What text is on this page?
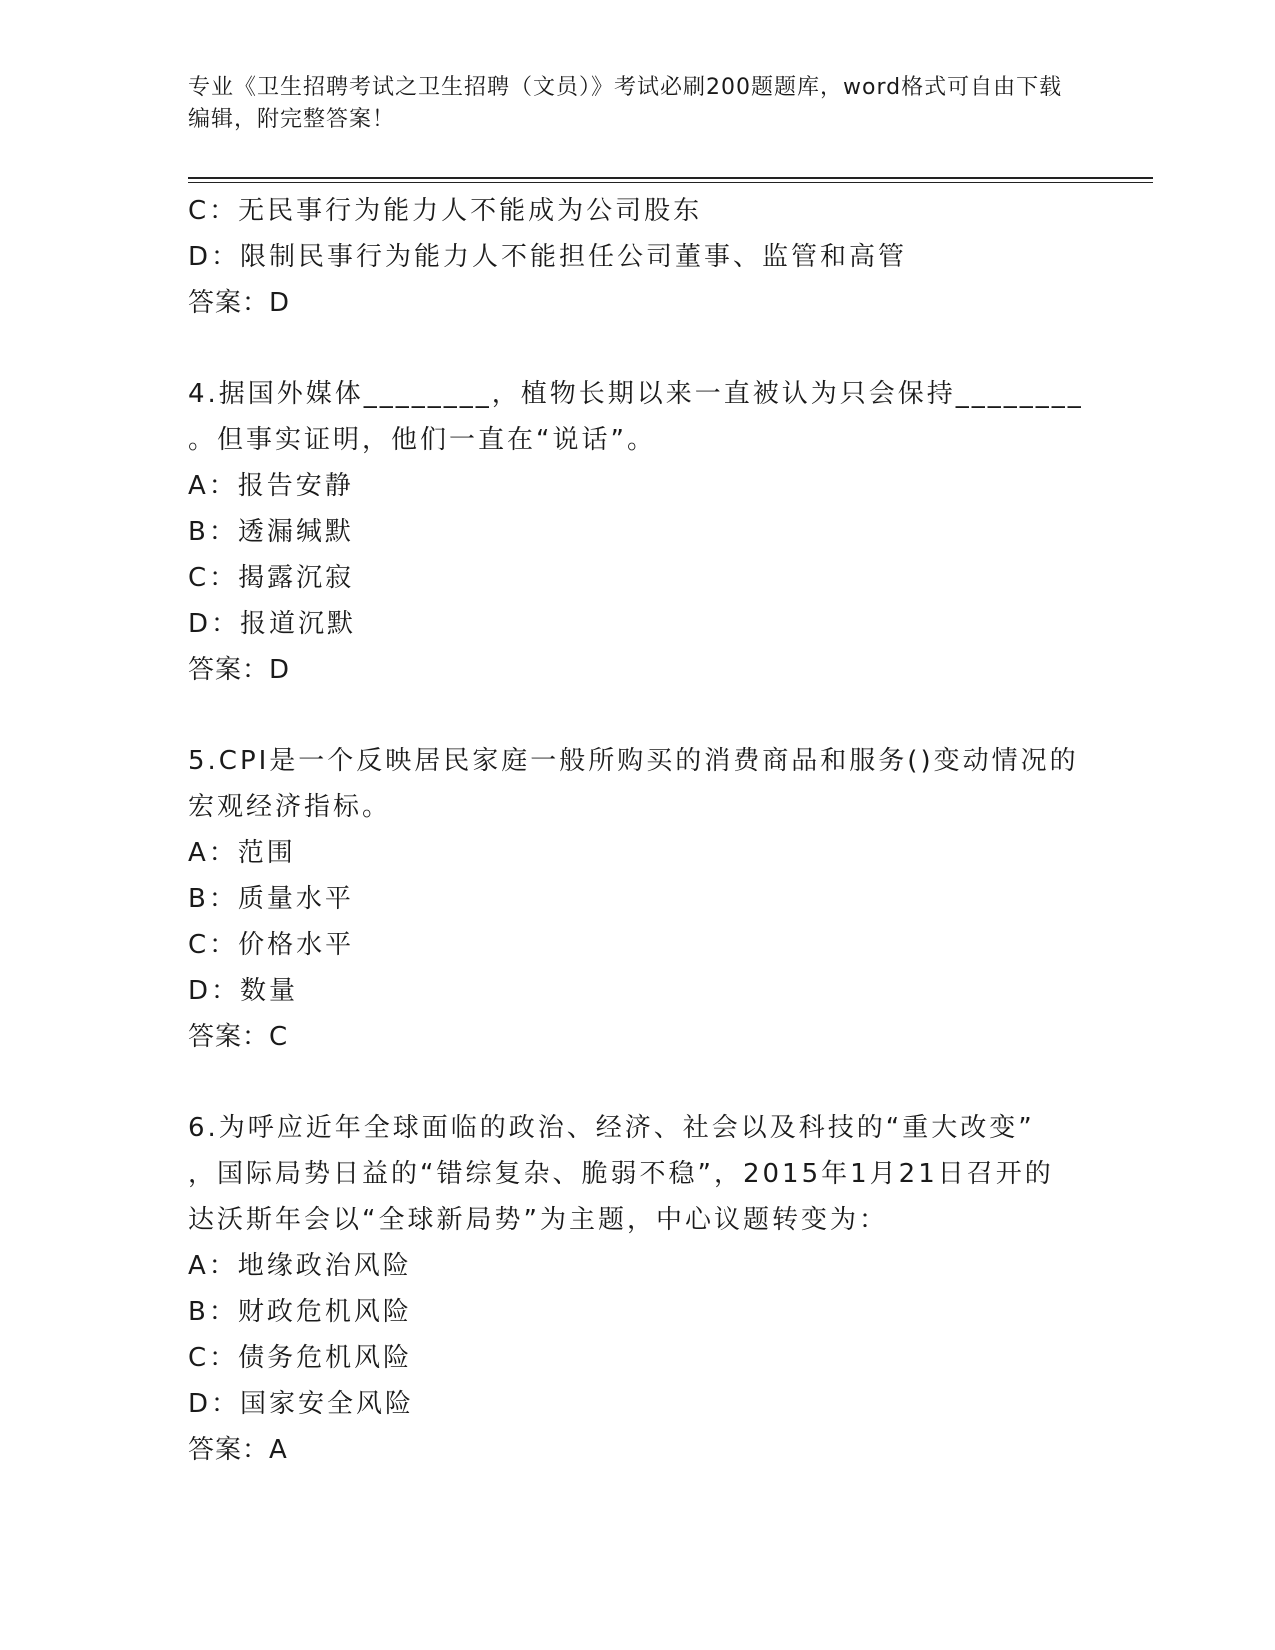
专业《卫生招聘考试之卫生招聘（文员）》考试必刷200题题库，word格式可自由下载编辑，附完整答案！
C：无民事行为能力人不能成为公司股东
D：限制民事行为能力人不能担任公司董事、监管和高管
答案：D
4.据国外媒体________，植物长期以来一直被认为只会保持________
。但事实证明，他们一直在“说话”。
A：报告安静
B：透漏缄默
C：揭露沉寂
D：报道沉默
答案：D
5.CPI是一个反映居民家庭一般所购买的消费商品和服务()变动情况的
宏观经济指标。
A：范围
B：质量水平
C：价格水平
D：数量
答案：C
6.为呼应近年全球面临的政治、经济、社会以及科技的“重大改变”
，国际局势日益的“错综复杂、脆弱不稳”，2015年1月21日召开的
达沃斯年会以“全球新局势”为主题，中心议题转变为：
A：地缘政治风险
B：财政危机风险
C：债务危机风险
D：国家安全风险
答案：A
